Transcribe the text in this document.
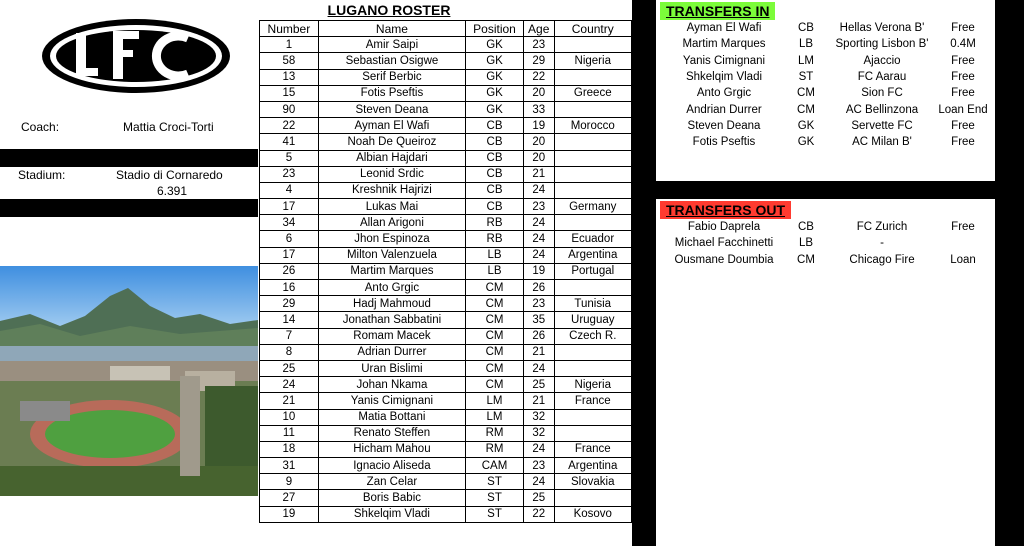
Coach:	Mattia Croci-Torti
Stadium:	Stadio di Cornaredo
6.391
LUGANO ROSTER
Number	Name	Position	Age	Country
1	Amir Saipi	GK	23	
58	Sebastian Osigwe	GK	29	Nigeria
13	Serif Berbic	GK	22	
15	Fotis Pseftis	GK	20	Greece
90	Steven Deana	GK	33	
22	Ayman El Wafi	CB	19	Morocco
41	Noah De Queiroz	CB	20	
5	Albian Hajdari	CB	20	
23	Leonid Srdic	CB	21	
4	Kreshnik Hajrizi	CB	24	
17	Lukas Mai	CB	23	Germany
34	Allan Arigoni	RB	24	
6	Jhon Espinoza	RB	24	Ecuador
17	Milton Valenzuela	LB	24	Argentina
26	Martim Marques	LB	19	Portugal
16	Anto Grgic	CM	26	
29	Hadj Mahmoud	CM	23	Tunisia
14	Jonathan Sabbatini	CM	35	Uruguay
7	Romam Macek	CM	26	Czech R.
8	Adrian Durrer	CM	21	
25	Uran Bislimi	CM	24	
24	Johan Nkama	CM	25	Nigeria
21	Yanis Cimignani	LM	21	France
10	Matia Bottani	LM	32	
11	Renato Steffen	RM	32	
18	Hicham Mahou	RM	24	France
31	Ignacio Aliseda	CAM	23	Argentina
9	Zan Celar	ST	24	Slovakia
27	Boris Babic	ST	25	
19	Shkelqim Vladi	ST	22	Kosovo
TRANSFERS IN
Ayman El Wafi	CB	Hellas Verona B'	Free
Martim Marques	LB	Sporting Lisbon B'	0.4M
Yanis Cimignani	LM	Ajaccio	Free
Shkelqim Vladi	ST	FC Aarau	Free
Anto Grgic	CM	Sion FC	Free
Andrian Durrer	CM	AC Bellinzona	Loan End
Steven Deana	GK	Servette FC	Free
Fotis Pseftis	GK	AC Milan B'	Free
TRANSFERS OUT
Fabio Daprela	CB	FC Zurich	Free
Michael Facchinetti	LB	-
Ousmane Doumbia	CM	Chicago Fire	Loan
